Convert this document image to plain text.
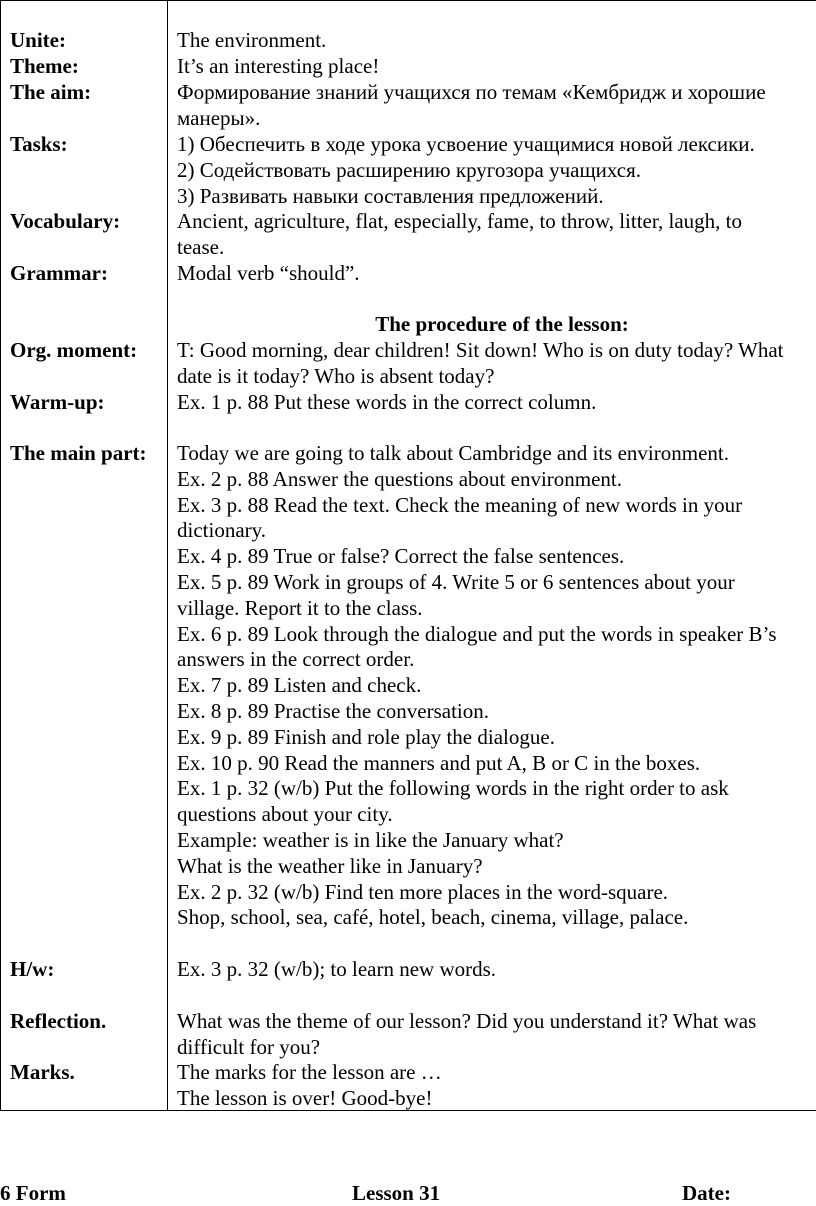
Unite:	The environment.
Theme:	It’s an interesting place!
The aim:	Формирование знаний учащихся по темам «Кембридж и хорошие
манеры».
Tasks:	1) Обеспечить в ходе урока усвоение учащимися новой лексики.
2) Содействовать расширению кругозора учащихся.
3) Развивать навыки составления предложений.
Vocabulary:	Ancient, agriculture, flat, especially, fame, to throw, litter, laugh, to
tease.
Grammar:	Modal verb “should”.
The procedure of the lesson:
Org. moment:	T: Good morning, dear children! Sit down! Who is on duty today? What
date is it today? Who is absent today?
Warm-up:	Ex. 1 p. 88 Put these words in the correct column.
The main part:	Today we are going to talk about Cambridge and its environment.
Ex. 2 p. 88 Answer the questions about environment.
Ex. 3 p. 88 Read the text. Check the meaning of new words in your
dictionary.
Ex. 4 p. 89 True or false? Correct the false sentences.
Ex. 5 p. 89 Work in groups of 4. Write 5 or 6 sentences about your
village. Report it to the class.
Ex. 6 p. 89 Look through the dialogue and put the words in speaker B’s
answers in the correct order.
Ex. 7 p. 89 Listen and check.
Ex. 8 p. 89 Practise the conversation.
Ex. 9 p. 89 Finish and role play the dialogue.
Ex. 10 p. 90 Read the manners and put A, B or C in the boxes.
Ex. 1 p. 32 (w/b) Put the following words in the right order to ask
questions about your city.
Example: weather is in like the January what?
What is the weather like in January?
Ex. 2 p. 32 (w/b) Find ten more places in the word-square.
Shop, school, sea, café, hotel, beach, cinema, village, palace.
H/w:	Ex. 3 p. 32 (w/b); to learn new words.
Reflection.	What was the theme of our lesson? Did you understand it? What was
difficult for you?
Marks.	The marks for the lesson are …
The lesson is over! Good-bye!
6 Form	Lesson 31	Date:
